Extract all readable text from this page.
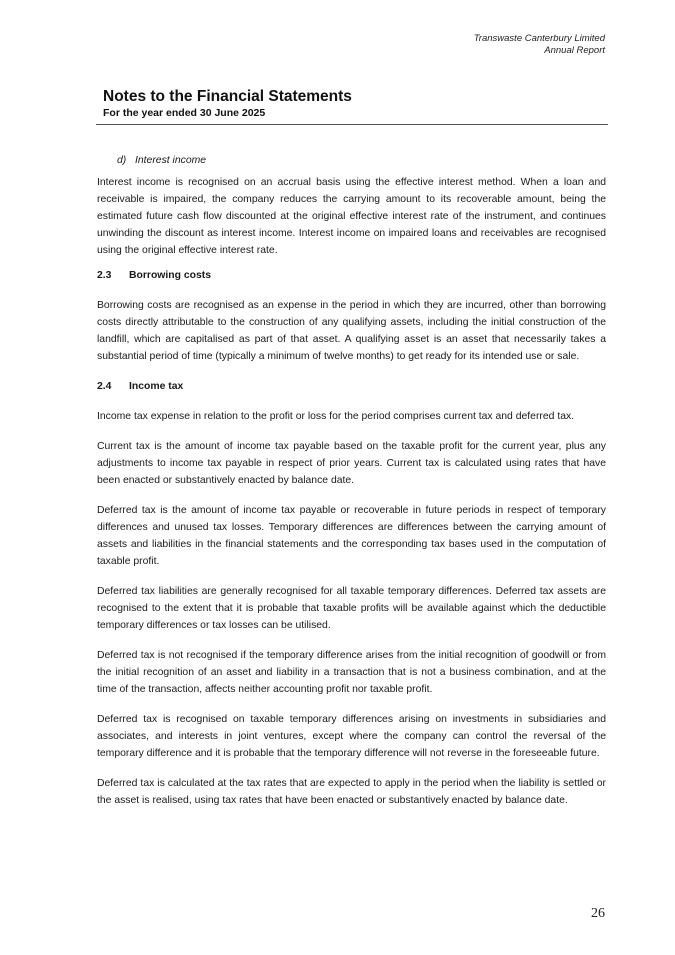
Transwaste Canterbury Limited
Annual Report
Notes to the Financial Statements
For the year ended 30 June 2025
d) Interest income

Interest income is recognised on an accrual basis using the effective interest method. When a loan and receivable is impaired, the company reduces the carrying amount to its recoverable amount, being the estimated future cash flow discounted at the original effective interest rate of the instrument, and continues unwinding the discount as interest income. Interest income on impaired loans and receivables are recognised using the original effective interest rate.

2.3 Borrowing costs

Borrowing costs are recognised as an expense in the period in which they are incurred, other than borrowing costs directly attributable to the construction of any qualifying assets, including the initial construction of the landfill, which are capitalised as part of that asset. A qualifying asset is an asset that necessarily takes a substantial period of time (typically a minimum of twelve months) to get ready for its intended use or sale.

2.4 Income tax

Income tax expense in relation to the profit or loss for the period comprises current tax and deferred tax.

Current tax is the amount of income tax payable based on the taxable profit for the current year, plus any adjustments to income tax payable in respect of prior years. Current tax is calculated using rates that have been enacted or substantively enacted by balance date.

Deferred tax is the amount of income tax payable or recoverable in future periods in respect of temporary differences and unused tax losses. Temporary differences are differences between the carrying amount of assets and liabilities in the financial statements and the corresponding tax bases used in the computation of taxable profit.

Deferred tax liabilities are generally recognised for all taxable temporary differences. Deferred tax assets are recognised to the extent that it is probable that taxable profits will be available against which the deductible temporary differences or tax losses can be utilised.

Deferred tax is not recognised if the temporary difference arises from the initial recognition of goodwill or from the initial recognition of an asset and liability in a transaction that is not a business combination, and at the time of the transaction, affects neither accounting profit nor taxable profit.

Deferred tax is recognised on taxable temporary differences arising on investments in subsidiaries and associates, and interests in joint ventures, except where the company can control the reversal of the temporary difference and it is probable that the temporary difference will not reverse in the foreseeable future.

Deferred tax is calculated at the tax rates that are expected to apply in the period when the liability is settled or the asset is realised, using tax rates that have been enacted or substantively enacted by balance date.

26
